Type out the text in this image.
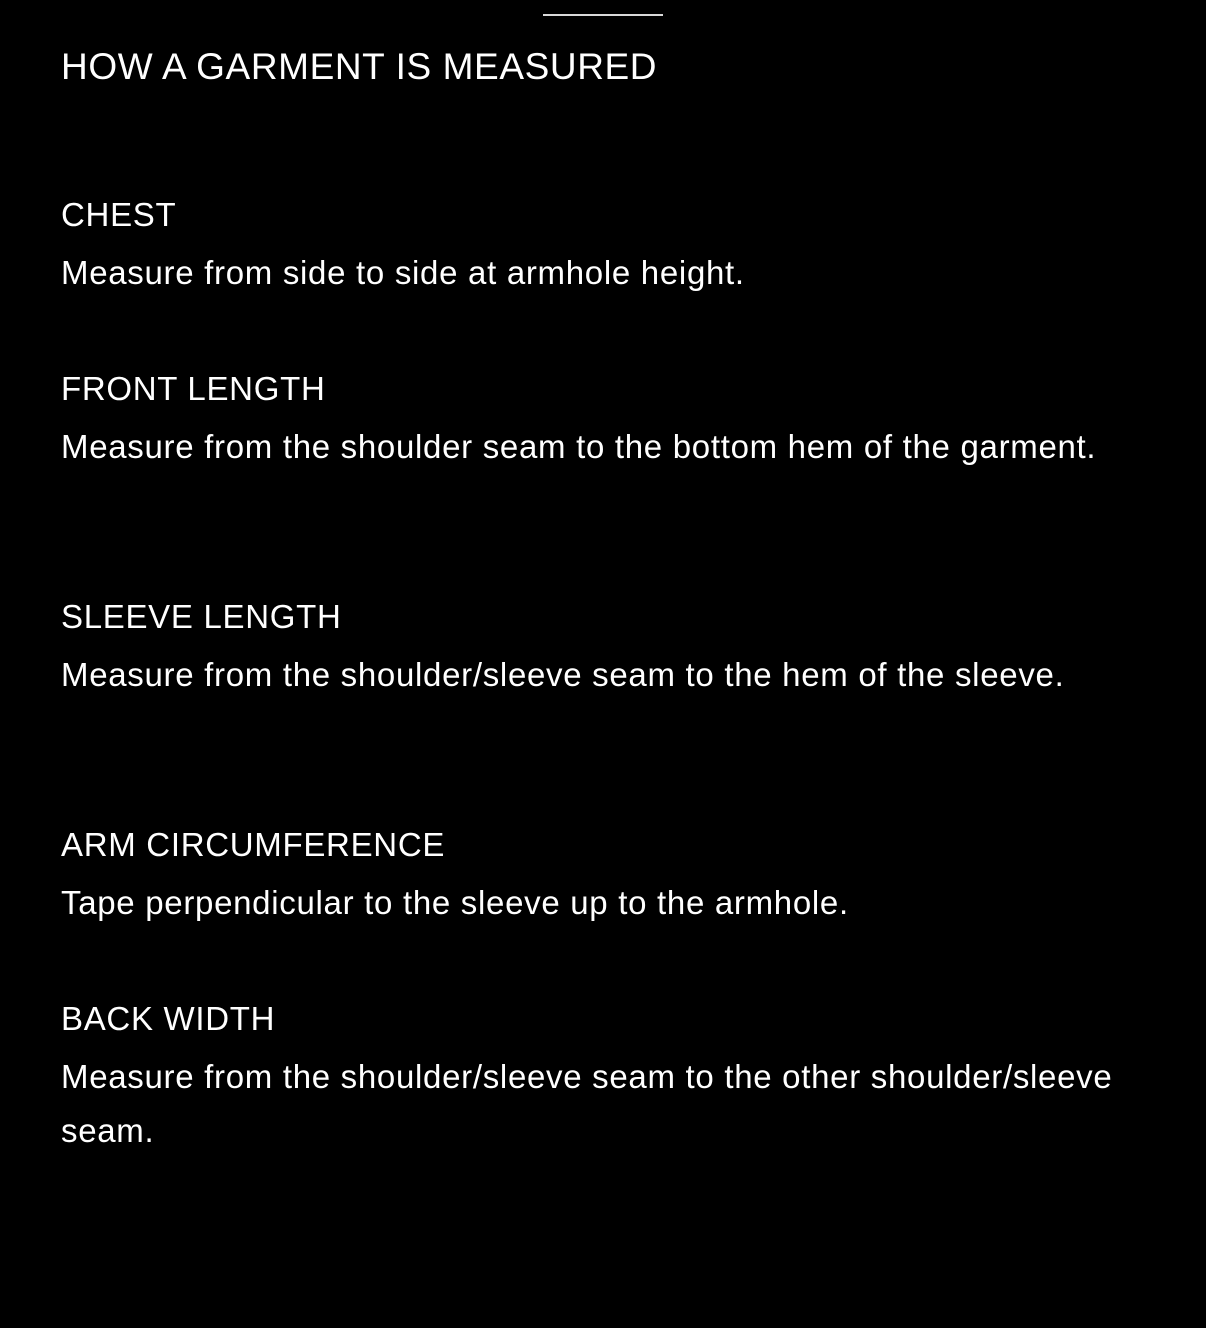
HOW A GARMENT IS MEASURED

CHEST

Measure from side to side at armhole height.

FRONT LENGTH

Measure from the shoulder seam to the bottom hem of the garment.

SLEEVE LENGTH

Measure from the shoulder/sleeve seam to the hem of the sleeve.

ARM CIRCUMFERENCE

Tape perpendicular to the sleeve up to the armhole.

BACK WIDTH

Measure from the shoulder/sleeve seam to the other shoulder/sleeve seam.
